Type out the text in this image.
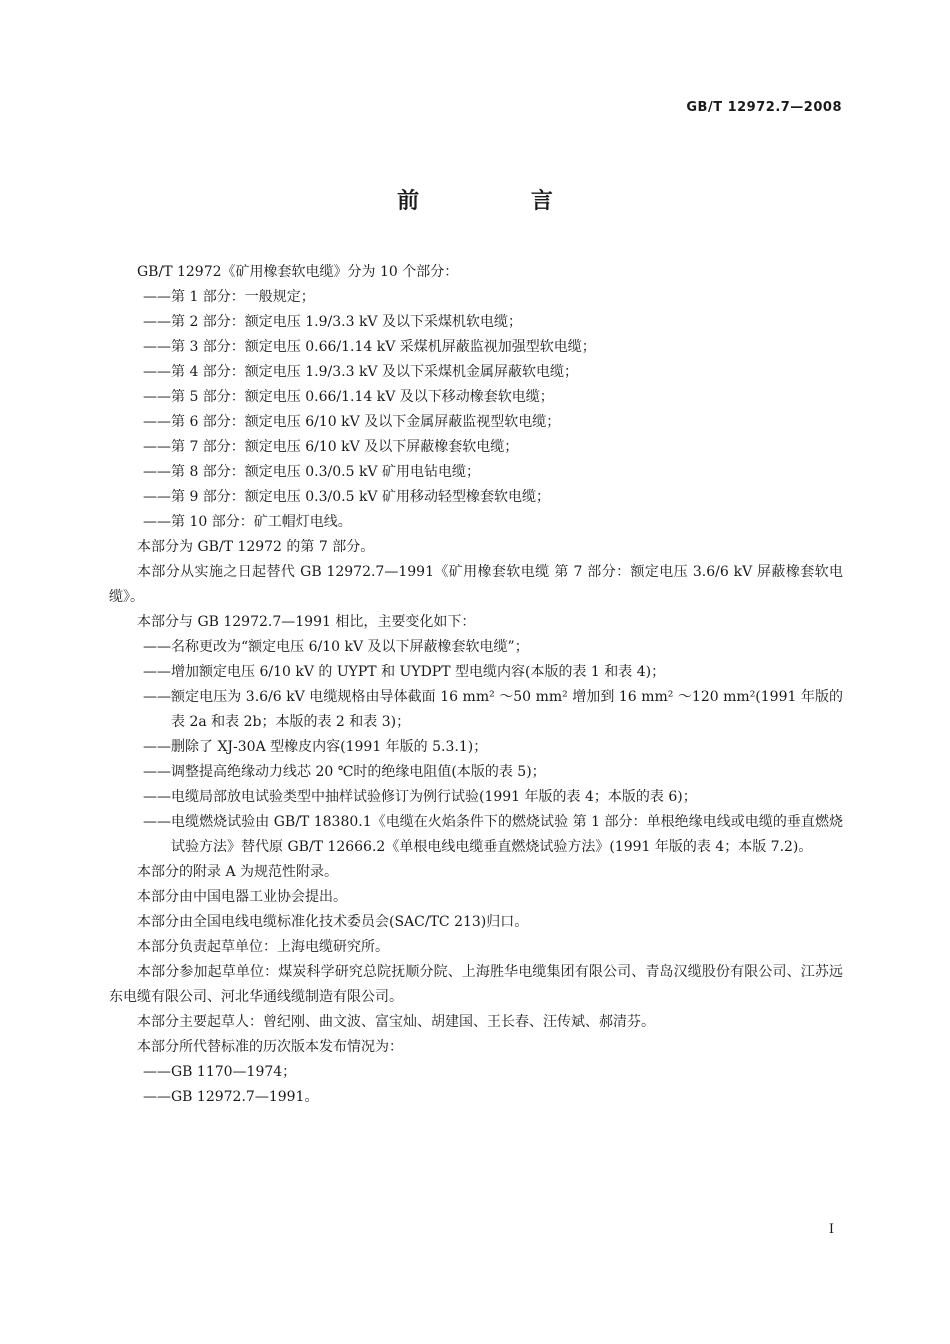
GB/T 12972.7—2008
前 言

GB/T 12972《矿用橡套软电缆》分为 10 个部分：

——第 1 部分：一般规定；

——第 2 部分：额定电压 1.9/3.3 kV 及以下采煤机软电缆；

——第 3 部分：额定电压 0.66/1.14 kV 采煤机屏蔽监视加强型软电缆；

——第 4 部分：额定电压 1.9/3.3 kV 及以下采煤机金属屏蔽软电缆；

——第 5 部分：额定电压 0.66/1.14 kV 及以下移动橡套软电缆；

——第 6 部分：额定电压 6/10 kV 及以下金属屏蔽监视型软电缆；

——第 7 部分：额定电压 6/10 kV 及以下屏蔽橡套软电缆；

——第 8 部分：额定电压 0.3/0.5 kV 矿用电钻电缆；

——第 9 部分：额定电压 0.3/0.5 kV 矿用移动轻型橡套软电缆；

——第 10 部分：矿工帽灯电线。

本部分为 GB/T 12972 的第 7 部分。

本部分从实施之日起替代 GB 12972.7—1991《矿用橡套软电缆 第 7 部分：额定电压 3.6/6 kV 屏蔽橡套软电缆》。

本部分与 GB 12972.7—1991 相比，主要变化如下：

——名称更改为“额定电压 6/10 kV 及以下屏蔽橡套软电缆”；

——增加额定电压 6/10 kV 的 UYPT 和 UYDPT 型电缆内容(本版的表 1 和表 4)；

——额定电压为 3.6/6 kV 电缆规格由导体截面 16 mm² ～50 mm² 增加到 16 mm² ～120 mm²(1991 年版的表 2a 和表 2b；本版的表 2 和表 3)；

——删除了 XJ-30A 型橡皮内容(1991 年版的 5.3.1)；

——调整提高绝缘动力线芯 20 ℃时的绝缘电阻值(本版的表 5)；

——电缆局部放电试验类型中抽样试验修订为例行试验(1991 年版的表 4；本版的表 6)；

——电缆燃烧试验由 GB/T 18380.1《电缆在火焰条件下的燃烧试验 第 1 部分：单根绝缘电线或电缆的垂直燃烧试验方法》替代原 GB/T 12666.2《单根电线电缆垂直燃烧试验方法》(1991 年版的表 4；本版 7.2)。

本部分的附录 A 为规范性附录。

本部分由中国电器工业协会提出。

本部分由全国电线电缆标准化技术委员会(SAC/TC 213)归口。

本部分负责起草单位：上海电缆研究所。

本部分参加起草单位：煤炭科学研究总院抚顺分院、上海胜华电缆集团有限公司、青岛汉缆股份有限公司、江苏远东电缆有限公司、河北华通线缆制造有限公司。

本部分主要起草人：曾纪刚、曲文波、富宝灿、胡建国、王长春、汪传斌、郝清芬。

本部分所代替标准的历次版本发布情况为：

——GB 1170—1974；

——GB 12972.7—1991。

I
